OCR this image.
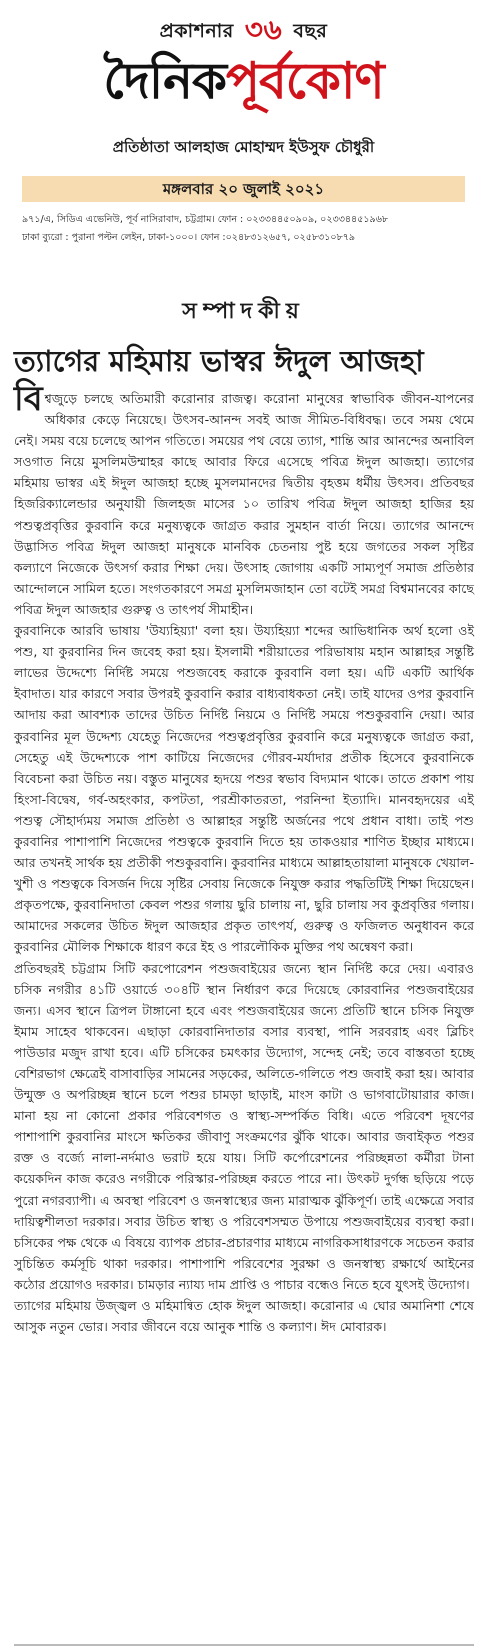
প্রকাশনার ৩৬ বছর
দৈনিকপূর্বকোণ
প্রতিষ্ঠাতা আলহাজ মোহাম্মদ ইউসুফ চৌধুরী
মঙ্গলবার ২০ জুলাই ২০২১
৯৭১/এ, সিডিএ এভেনিউ, পূর্ব নাসিরাবাদ, চট্টগ্রাম। ফোন : ০২৩৩৪৪৫০৯০৯, ০২৩৩৪৪৫১৯৬৮
ঢাকা ব্যুরো : পুরানা পল্টন লেইন, ঢাকা-১০০০। ফোন :০২৪৮৩১২৬৫৭, ০২৫৮৩১০৮৭৯
সম্পাদকীয়
ত্যাগের মহিমায় ভাস্বর ঈদুল আজহা
বি শ্বজুড়ে চলছে অতিমারী করোনার রাজত্ব। করোনা মানুষের স্বাভাবিক জীবন-যাপনের অধিকার কেড়ে নিয়েছে। উৎসব-আনন্দ সবই আজ সীমিত-বিধিবদ্ধ। তবে সময় থেমে নেই। সময় বয়ে চলেছে আপন গতিতে। সময়ের পথ বেয়ে ত্যাগ, শান্তি আর আনন্দের অনাবিল সওগাত নিয়ে মুসলিমউম্মাহর কাছে আবার ফিরে এসেছে পবিত্র ঈদুল আজহা। ত্যাগের মহিমায় ভাস্বর এই ঈদুল আজহা হচ্ছে মুসলমানদের দ্বিতীয় বৃহত্তম ধর্মীয় উৎসব। প্রতিবছর হিজরিক্যালেন্ডার অনুযায়ী জিলহজ মাসের ১০ তারিখ পবিত্র ঈদুল আজহা হাজির হয় পশুত্বপ্রবৃত্তির কুরবানি করে মনুষ্যত্বকে জাগ্রত করার সুমহান বার্তা নিয়ে। ত্যাগের আনন্দে উদ্ভাসিত পবিত্র ঈদুল আজহা মানুষকে মানবিক চেতনায় পুষ্ট হয়ে জগতের সকল সৃষ্টির কল্যাণে নিজেকে উৎসর্গ করার শিক্ষা দেয়। উৎসাহ জোগায় একটি সাম্যপূর্ণ সমাজ প্রতিষ্ঠার আন্দোলনে সামিল হতে। সংগতকারণে সমগ্র মুসলিমজাহান তো বটেই সমগ্র বিশ্বমানবের কাছে পবিত্র ঈদুল আজহার গুরুত্ব ও তাৎপর্য সীমাহীন।

কুরবানিকে আরবি ভাষায় 'উয্যহিয়্যা' বলা হয়। উয্যহিয়্যা শব্দের আভিধানিক অর্থ হলো ওই পশু, যা কুরবানির দিন জবেহ করা হয়। ইসলামী শরীয়াতের পরিভাষায় মহান আল্লাহর সন্তুষ্টি লাভের উদ্দেশ্যে নির্দিষ্ট সময়ে পশুজবেহ করাকে কুরবানি বলা হয়। এটি একটি আর্থিক ইবাদাত। যার কারণে সবার উপরই কুরবানি করার বাধ্যবাধকতা নেই। তাই যাদের ওপর কুরবানি আদায় করা আবশ্যক তাদের উচিত নির্দিষ্ট নিয়মে ও নির্দিষ্ট সময়ে পশুকুরবানি দেয়া। আর কুরবানির মূল উদ্দেশ্য যেহেতু নিজেদের পশুত্বপ্রবৃত্তির কুরবানি করে মনুষ্যত্বকে জাগ্রত করা, সেহেতু এই উদ্দেশ্যকে পাশ কাটিয়ে নিজেদের গৌরব-মর্যাদার প্রতীক হিসেবে কুরবানিকে বিবেচনা করা উচিত নয়। বস্তুত মানুষের হৃদয়ে পশুর স্বভাব বিদ্যমান থাকে। তাতে প্রকাশ পায় হিংসা-বিদ্বেষ, গর্ব-অহংকার, কপটতা, পরশ্রীকাতরতা, পরনিন্দা ইত্যাদি। মানবহৃদয়ের এই পশুত্ব সৌহার্দ্যময় সমাজ প্রতিষ্ঠা ও আল্লাহর সন্তুষ্টি অর্জনের পথে প্রধান বাধা। তাই পশু কুরবানির পাশাপাশি নিজেদের পশুত্বকে কুরবানি দিতে হয় তাকওয়ার শাণিত ইচ্ছার মাধ্যমে। আর তখনই সার্থক হয় প্রতীকী পশুকুরবানি। কুরবানির মাধ্যমে আল্লাহতায়ালা মানুষকে খেয়াল-খুশী ও পশুত্বকে বিসর্জন দিয়ে সৃষ্টির সেবায় নিজেকে নিযুক্ত করার পদ্ধতিটিই শিক্ষা দিয়েছেন। প্রকৃতপক্ষে, কুরবানিদাতা কেবল পশুর গলায় ছুরি চালায় না, ছুরি চালায় সব কুপ্রবৃত্তির গলায়। আমাদের সকলের উচিত ঈদুল আজহার প্রকৃত তাৎপর্য, গুরুত্ব ও ফজিলত অনুধাবন করে কুরবানির মৌলিক শিক্ষাকে ধারণ করে ইহ ও পারলৌকিক মুক্তির পথ অন্বেষণ করা।

প্রতিবছরই চট্টগ্রাম সিটি করপোরেশন পশুজবাইয়ের জন্যে স্থান নির্দিষ্ট করে দেয়। এবারও চসিক নগরীর ৪১টি ওয়ার্ডে ৩০৪টি স্থান নির্ধারণ করে দিয়েছে কোরবানির পশুজবাইয়ের জন্য। এসব স্থানে ত্রিপল টাঙ্গানো হবে এবং পশুজবাইয়ের জন্যে প্রতিটি স্থানে চসিক নিযুক্ত ইমাম সাহেব থাকবেন। এছাড়া কোরবানিদাতার বসার ব্যবস্থা, পানি সরবরাহ এবং ব্লিচিং পাউডার মজুদ রাখা হবে। এটি চসিকের চমৎকার উদ্যোগ, সন্দেহ নেই; তবে বাস্তবতা হচ্ছে বেশিরভাগ ক্ষেত্রেই বাসাবাড়ির সামনের সড়কের, অলিতে-গলিতে পশু জবাই করা হয়। আবার উন্মুক্ত ও অপরিচ্ছন্ন স্থানে চলে পশুর চামড়া ছাড়াই, মাংস কাটা ও ভাগবাটোয়ারার কাজ। মানা হয় না কোনো প্রকার পরিবেশগত ও স্বাস্থ্য-সম্পর্কিত বিধি। এতে পরিবেশ দূষণের পাশাপাশি কুরবানির মাংসে ক্ষতিকর জীবাণু সংক্রমণের ঝুঁকি থাকে। আবার জবাইকৃত পশুর রক্ত ও বর্জ্যে নালা-নর্দমাও ভরাট হয়ে যায়। সিটি কর্পোরেশনের পরিচ্ছন্নতা কর্মীরা টানা কয়েকদিন কাজ করেও নগরীকে পরিস্কার-পরিচ্ছন্ন করতে পারে না। উৎকট দুর্গন্ধ ছড়িয়ে পড়ে পুরো নগরব্যাপী। এ অবস্থা পরিবেশ ও জনস্বাস্থ্যের জন্য মারাত্মক ঝুঁকিপূর্ণ। তাই এক্ষেত্রে সবার দায়িত্বশীলতা দরকার। সবার উচিত স্বাস্থ্য ও পরিবেশসম্মত উপায়ে পশুজবাইয়ের ব্যবস্থা করা। চসিকের পক্ষ থেকে এ বিষয়ে ব্যাপক প্রচার-প্রচারণার মাধ্যমে নাগরিকসাধারণকে সচেতন করার সুচিন্তিত কর্মসূচি থাকা দরকার। পাশাপাশি পরিবেশের সুরক্ষা ও জনস্বাস্থ্য রক্ষার্থে আইনের কঠোর প্রয়োগও দরকার। চামড়ার ন্যায্য দাম প্রাপ্তি ও পাচার বন্ধেও নিতে হবে যুৎসই উদ্যোগ।

ত্যাগের মহিমায় উজ্জ্বল ও মহিমান্বিত হোক ঈদুল আজহা। করোনার এ ঘোর অমানিশা শেষে আসুক নতুন ভোর। সবার জীবনে বয়ে আনুক শান্তি ও কল্যাণ। ঈদ মোবারক।
